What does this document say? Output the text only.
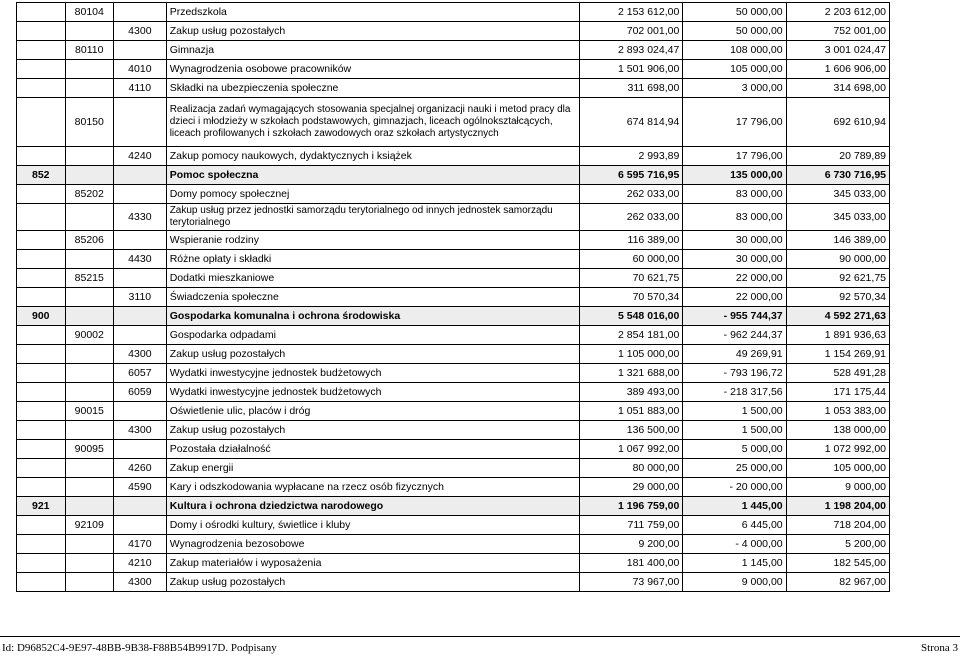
	80104		Przedszkola	2 153 612,00	50 000,00	2 203 612,00
		4300	Zakup usług pozostałych	702 001,00	50 000,00	752 001,00
	80110		Gimnazja	2 893 024,47	108 000,00	3 001 024,47
		4010	Wynagrodzenia osobowe pracowników	1 501 906,00	105 000,00	1 606 906,00
		4110	Składki na ubezpieczenia społeczne	311 698,00	3 000,00	314 698,00
	80150		Realizacja zadań wymagających stosowania specjalnej organizacji nauki i metod pracy dla dzieci i młodzieży w szkołach podstawowych, gimnazjach, liceach ogólnokształcących, liceach profilowanych i szkołach zawodowych oraz szkołach artystycznych	674 814,94	17 796,00	692 610,94
		4240	Zakup pomocy naukowych, dydaktycznych i książek	2 993,89	17 796,00	20 789,89
852			Pomoc społeczna	6 595 716,95	135 000,00	6 730 716,95
	85202		Domy pomocy społecznej	262 033,00	83 000,00	345 033,00
		4330	Zakup usług przez jednostki samorządu terytorialnego od innych jednostek samorządu terytorialnego	262 033,00	83 000,00	345 033,00
	85206		Wspieranie rodziny	116 389,00	30 000,00	146 389,00
		4430	Różne opłaty i składki	60 000,00	30 000,00	90 000,00
	85215		Dodatki mieszkaniowe	70 621,75	22 000,00	92 621,75
		3110	Świadczenia społeczne	70 570,34	22 000,00	92 570,34
900			Gospodarka komunalna i ochrona środowiska	5 548 016,00	- 955 744,37	4 592 271,63
	90002		Gospodarka odpadami	2 854 181,00	- 962 244,37	1 891 936,63
		4300	Zakup usług pozostałych	1 105 000,00	49 269,91	1 154 269,91
		6057	Wydatki inwestycyjne jednostek budżetowych	1 321 688,00	- 793 196,72	528 491,28
		6059	Wydatki inwestycyjne jednostek budżetowych	389 493,00	- 218 317,56	171 175,44
	90015		Oświetlenie ulic, placów i dróg	1 051 883,00	1 500,00	1 053 383,00
		4300	Zakup usług pozostałych	136 500,00	1 500,00	138 000,00
	90095		Pozostała działalność	1 067 992,00	5 000,00	1 072 992,00
		4260	Zakup energii	80 000,00	25 000,00	105 000,00
		4590	Kary i odszkodowania wypłacane na rzecz osób fizycznych	29 000,00	- 20 000,00	9 000,00
921			Kultura i ochrona dziedzictwa narodowego	1 196 759,00	1 445,00	1 198 204,00
	92109		Domy i ośrodki kultury, świetlice i kluby	711 759,00	6 445,00	718 204,00
		4170	Wynagrodzenia bezosobowe	9 200,00	- 4 000,00	5 200,00
		4210	Zakup materiałów i wyposażenia	181 400,00	1 145,00	182 545,00
		4300	Zakup usług pozostałych	73 967,00	9 000,00	82 967,00
Id: D96852C4-9E97-48BB-9B38-F88B54B9917D. Podpisany	Strona 3
